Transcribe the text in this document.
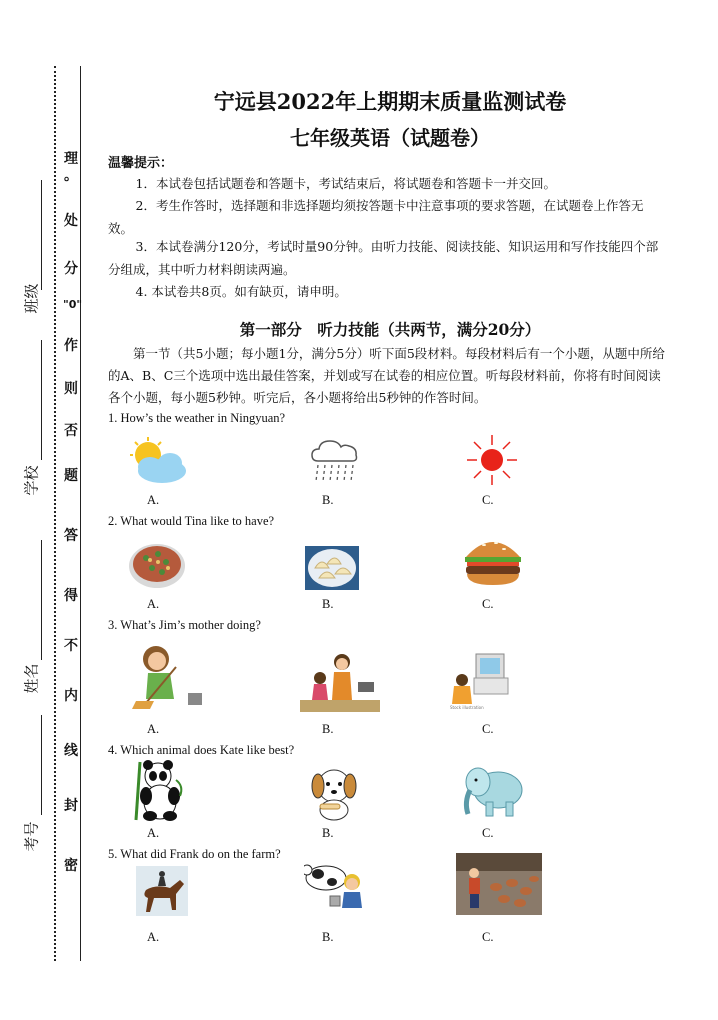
班级
学校
姓名
考号
理
。
处
分
"0"
作
则
否
题
答
得
不
内
线
封
密
宁远县2022年上期期末质量监测试卷
七年级英语（试题卷）
温馨提示：
1．本试卷包括试题卷和答题卡，考试结束后，将试题卷和答题卡一并交回。
2．考生作答时，选择题和非选择题均须按答题卡中注意事项的要求答题，在试题卷上作答无效。
3．本试卷满分120分，考试时量90分钟。由听力技能、阅读技能、知识运用和写作技能四个部分组成，其中听力材料朗读两遍。
4. 本试卷共8页。如有缺页，请申明。
第一部分　听力技能（共两节，满分20分）
第一节（共5小题；每小题1分，满分5分）听下面5段材料。每段材料后有一个小题，从题中所给的A、B、C三个选项中选出最佳答案，并划或写在试卷的相应位置。听每段材料前，你将有时间阅读各个小题，每小题5秒钟。听完后，各小题将给出5秒钟的作答时间。
1. How’s the weather in Ningyuan?
A.	B.	C.
2. What would Tina like to have?
A.	B.	C.
3. What’s Jim’s mother doing?
Stock illustration
A.	B.	C.
4. Which animal does Kate like best?
A.	B.	C.
5. What did Frank do on the farm?
A.	B.	C.
